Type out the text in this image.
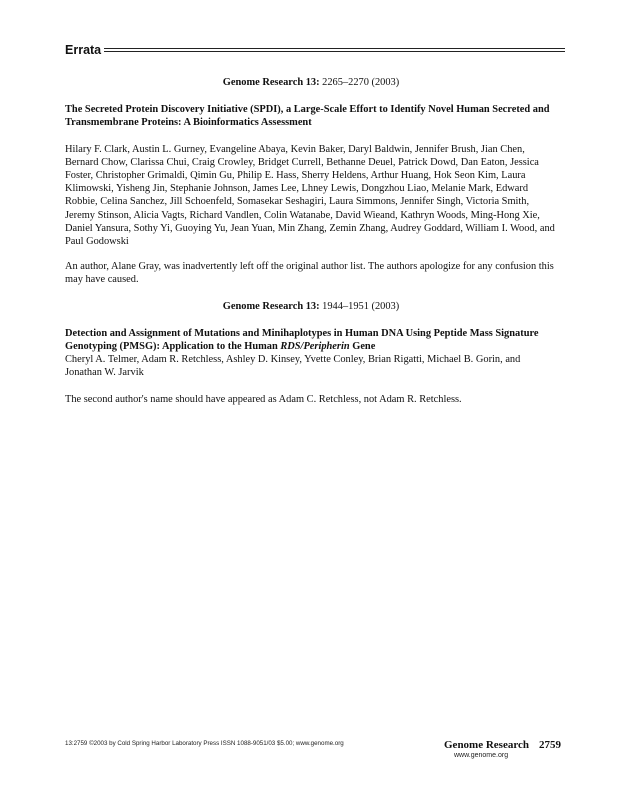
Errata

Genome Research 13: 2265–2270 (2003)

The Secreted Protein Discovery Initiative (SPDI), a Large-Scale Effort to Identify Novel Human Secreted and Transmembrane Proteins: A Bioinformatics Assessment

Hilary F. Clark, Austin L. Gurney, Evangeline Abaya, Kevin Baker, Daryl Baldwin, Jennifer Brush, Jian Chen, Bernard Chow, Clarissa Chui, Craig Crowley, Bridget Currell, Bethanne Deuel, Patrick Dowd, Dan Eaton, Jessica Foster, Christopher Grimaldi, Qimin Gu, Philip E. Hass, Sherry Heldens, Arthur Huang, Hok Seon Kim, Laura Klimowski, Yisheng Jin, Stephanie Johnson, James Lee, Lhney Lewis, Dongzhou Liao, Melanie Mark, Edward Robbie, Celina Sanchez, Jill Schoenfeld, Somasekar Seshagiri, Laura Simmons, Jennifer Singh, Victoria Smith, Jeremy Stinson, Alicia Vagts, Richard Vandlen, Colin Watanabe, David Wieand, Kathryn Woods, Ming-Hong Xie, Daniel Yansura, Sothy Yi, Guoying Yu, Jean Yuan, Min Zhang, Zemin Zhang, Audrey Goddard, William I. Wood, and Paul Godowski

An author, Alane Gray, was inadvertently left off the original author list. The authors apologize for any confusion this may have caused.

Genome Research 13: 1944–1951 (2003)

Detection and Assignment of Mutations and Minihaplotypes in Human DNA Using Peptide Mass Signature Genotyping (PMSG): Application to the Human RDS/Peripherin Gene

Cheryl A. Telmer, Adam R. Retchless, Ashley D. Kinsey, Yvette Conley, Brian Rigatti, Michael B. Gorin, and Jonathan W. Jarvik

The second author's name should have appeared as Adam C. Retchless, not Adam R. Retchless.

13:2759 ©2003 by Cold Spring Harbor Laboratory Press ISSN 1088-9051/03 $5.00; www.genome.org	Genome Research 2759
www.genome.org
